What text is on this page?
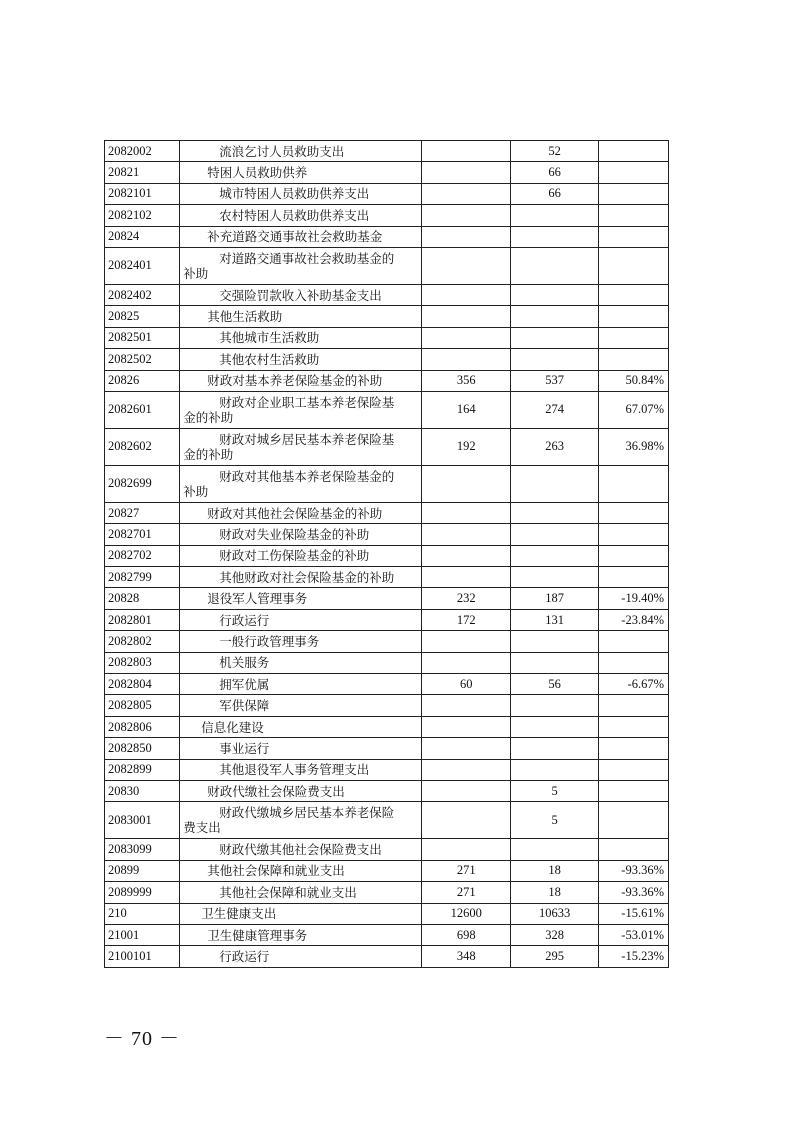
2082002	流浪乞讨人员救助支出		52	
20821	特困人员救助供养		66	
2082101	城市特困人员救助供养支出		66	
2082102	农村特困人员救助供养支出			
20824	补充道路交通事故社会救助基金			
2082401	对道路交通事故社会救助基金的
补助			

2082402	交强险罚款收入补助基金支出			
20825	其他生活救助			
2082501	其他城市生活救助			
2082502	其他农村生活救助			
20826	财政对基本养老保险基金的补助	356	537	50.84%
2082601	财政对企业职工基本养老保险基
金的补助	164	274	67.07%
2082602	财政对城乡居民基本养老保险基
金的补助	192	263	36.98%
2082699	财政对其他基本养老保险基金的
补助			

20827	财政对其他社会保险基金的补助			
2082701	财政对失业保险基金的补助			
2082702	财政对工伤保险基金的补助			
2082799	其他财政对社会保险基金的补助			
20828	退役军人管理事务	232	187	-19.40%
2082801	行政运行	172	131	-23.84%
2082802	一般行政管理事务			
2082803	机关服务			
2082804	拥军优属	60	56	-6.67%
2082805	军供保障			
2082806	信息化建设			
2082850	事业运行			
2082899	其他退役军人事务管理支出			
20830	财政代缴社会保险费支出		5	
2083001	财政代缴城乡居民基本养老保险
费支出		5	
2083099	财政代缴其他社会保险费支出			
20899	其他社会保障和就业支出	271	18	-93.36%
2089999	其他社会保障和就业支出	271	18	-93.36%
210	卫生健康支出	12600	10633	-15.61%
21001	卫生健康管理事务	698	328	-53.01%
2100101	行政运行	348	295	-15.23%
－ 70 －
